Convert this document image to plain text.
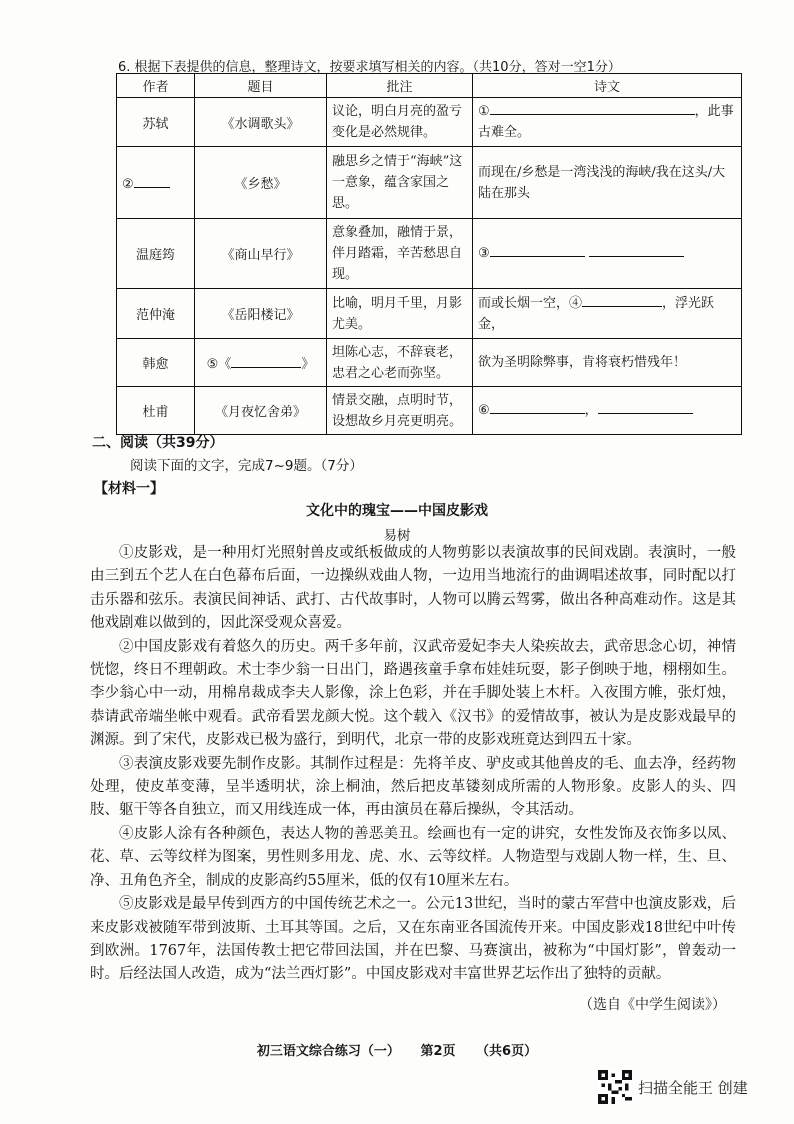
6. 根据下表提供的信息，整理诗文，按要求填写相关的内容。（共10分，答对一空1分）
作者	题目	批注	诗文
苏轼	《水调歌头》	议论，明白月亮的盈亏变化是必然规律。	① ，此事古难全。
②	《乡愁》	融思乡之情于“海峡”这一意象，蕴含家国之思。	而现在/乡愁是一湾浅浅的海峡/我在这头/大陆在那头
温庭筠	《商山早行》	意象叠加，融情于景，伴月踏霜，辛苦愁思自现。	③
范仲淹	《岳阳楼记》	比喻，明月千里，月影尤美。	而或长烟一空，④ ，浮光跃金，
韩愈	⑤《 》	坦陈心志，不辞衰老，忠君之心老而弥坚。	欲为圣明除弊事，肯将衰朽惜残年！
杜甫	《月夜忆舍弟》	情景交融，点明时节，设想故乡月亮更明亮。	⑥ ，
二、阅读（共39分）
阅读下面的文字，完成7~9题。（7分）
【材料一】
文化中的瑰宝——中国皮影戏
易树

①皮影戏，是一种用灯光照射兽皮或纸板做成的人物剪影以表演故事的民间戏剧。表演时，一般由三到五个艺人在白色幕布后面，一边操纵戏曲人物，一边用当地流行的曲调唱述故事，同时配以打击乐器和弦乐。表演民间神话、武打、古代故事时，人物可以腾云驾雾，做出各种高难动作。这是其他戏剧难以做到的，因此深受观众喜爱。

②中国皮影戏有着悠久的历史。两千多年前，汉武帝爱妃李夫人染疾故去，武帝思念心切，神情恍惚，终日不理朝政。术士李少翁一日出门，路遇孩童手拿布娃娃玩耍，影子倒映于地，栩栩如生。李少翁心中一动，用棉帛裁成李夫人影像，涂上色彩，并在手脚处装上木杆。入夜围方帷，张灯烛，恭请武帝端坐帐中观看。武帝看罢龙颜大悦。这个载入《汉书》的爱情故事，被认为是皮影戏最早的渊源。到了宋代，皮影戏已极为盛行，到明代，北京一带的皮影戏班竟达到四五十家。

③表演皮影戏要先制作皮影。其制作过程是：先将羊皮、驴皮或其他兽皮的毛、血去净，经药物处理，使皮革变薄，呈半透明状，涂上桐油，然后把皮革镂刻成所需的人物形象。皮影人的头、四肢、躯干等各自独立，而又用线连成一体，再由演员在幕后操纵，令其活动。

④皮影人涂有各种颜色，表达人物的善恶美丑。绘画也有一定的讲究，女性发饰及衣饰多以凤、花、草、云等纹样为图案，男性则多用龙、虎、水、云等纹样。人物造型与戏剧人物一样，生、旦、净、丑角色齐全，制成的皮影高约55厘米，低的仅有10厘米左右。

⑤皮影戏是最早传到西方的中国传统艺术之一。公元13世纪，当时的蒙古军营中也演皮影戏，后来皮影戏被随军带到波斯、土耳其等国。之后，又在东南亚各国流传开来。中国皮影戏18世纪中叶传到欧洲。1767年，法国传教士把它带回法国，并在巴黎、马赛演出，被称为“中国灯影”，曾轰动一时。后经法国人改造，成为“法兰西灯影”。中国皮影戏对丰富世界艺坛作出了独特的贡献。

（选自《中学生阅读》）
初三语文综合练习（一） 第2页 （共6页）
扫描全能王 创建
